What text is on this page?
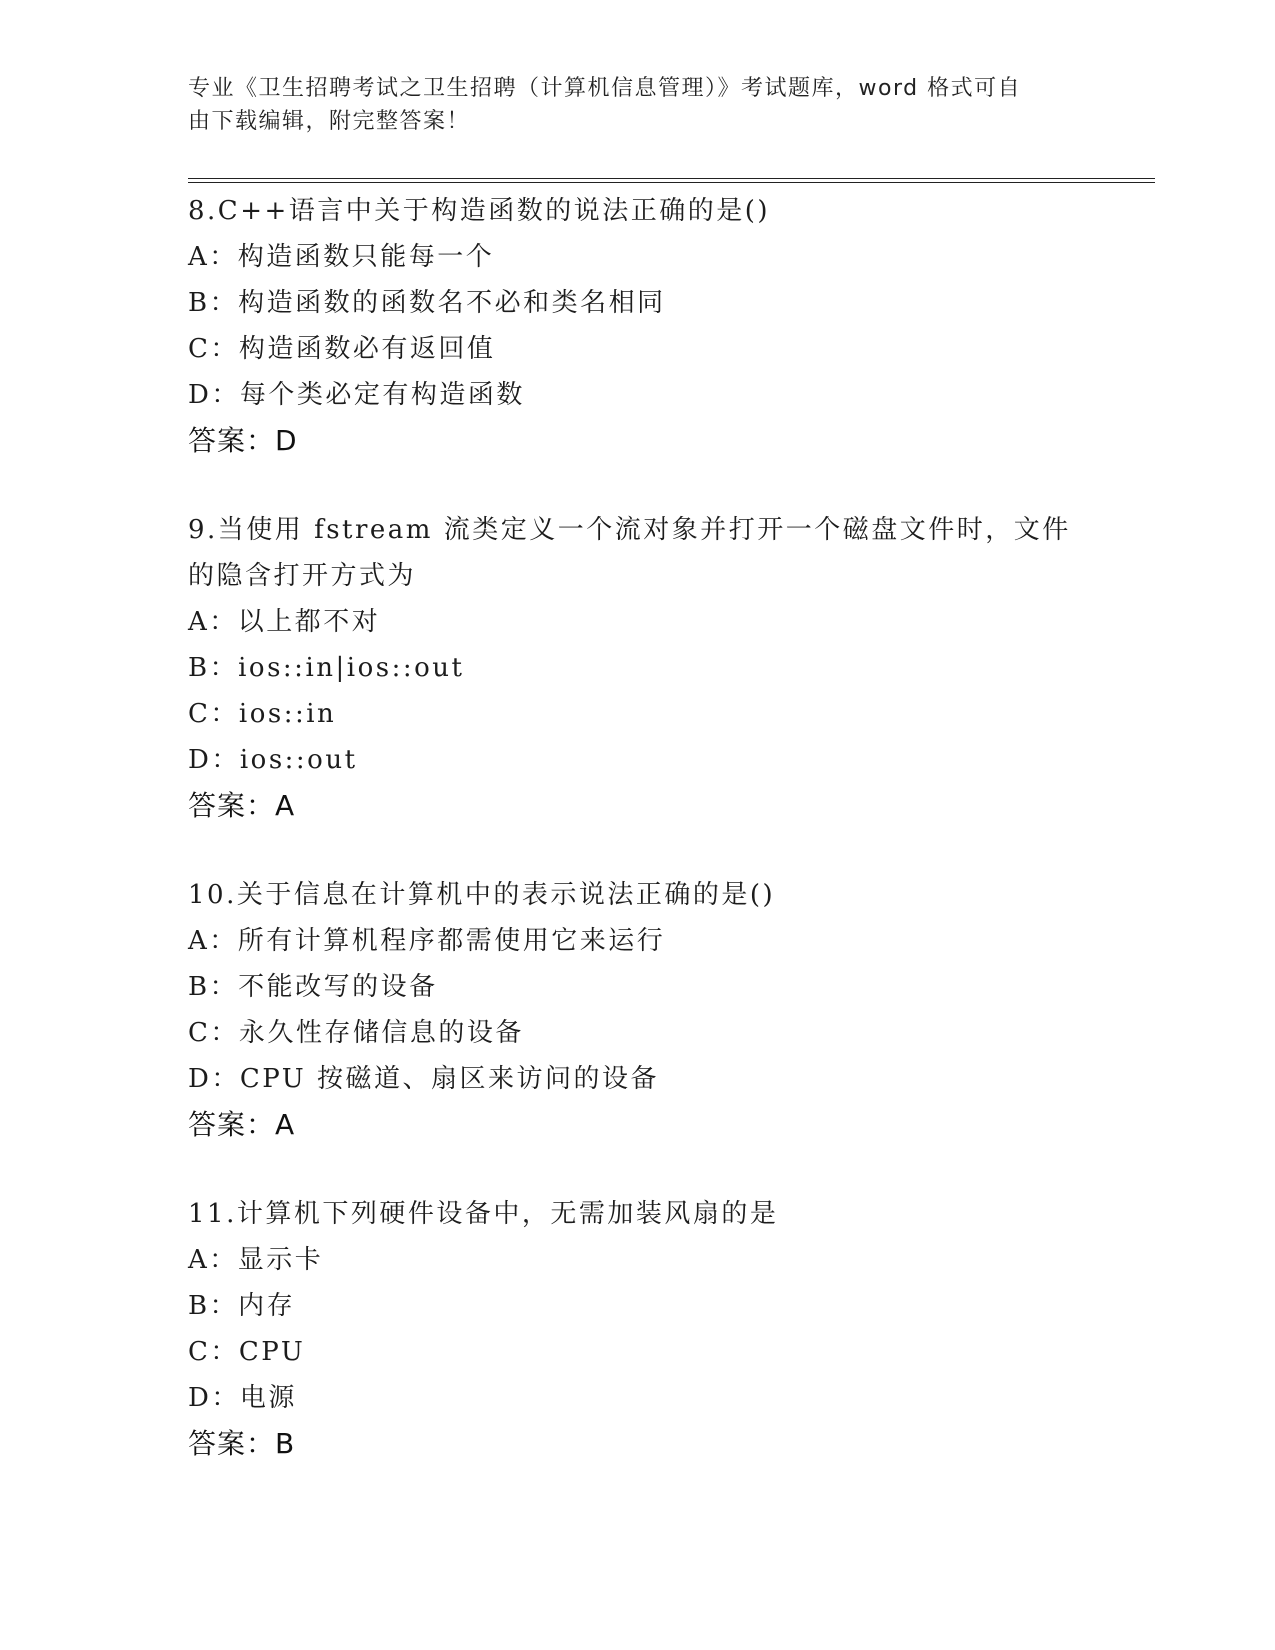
专业《卫生招聘考试之卫生招聘（计算机信息管理）》考试题库，word 格式可自
由下载编辑，附完整答案！
8.C++语言中关于构造函数的说法正确的是()
A：构造函数只能每一个
B：构造函数的函数名不必和类名相同
C：构造函数必有返回值
D：每个类必定有构造函数
答案：D
9.当使用 fstream 流类定义一个流对象并打开一个磁盘文件时，文件
的隐含打开方式为
A：以上都不对
B：ios::in|ios::out
C：ios::in
D：ios::out
答案：A
10.关于信息在计算机中的表示说法正确的是()
A：所有计算机程序都需使用它来运行
B：不能改写的设备
C：永久性存储信息的设备
D：CPU 按磁道、扇区来访问的设备
答案：A
11.计算机下列硬件设备中，无需加装风扇的是
A：显示卡
B：内存
C：CPU
D：电源
答案：B
